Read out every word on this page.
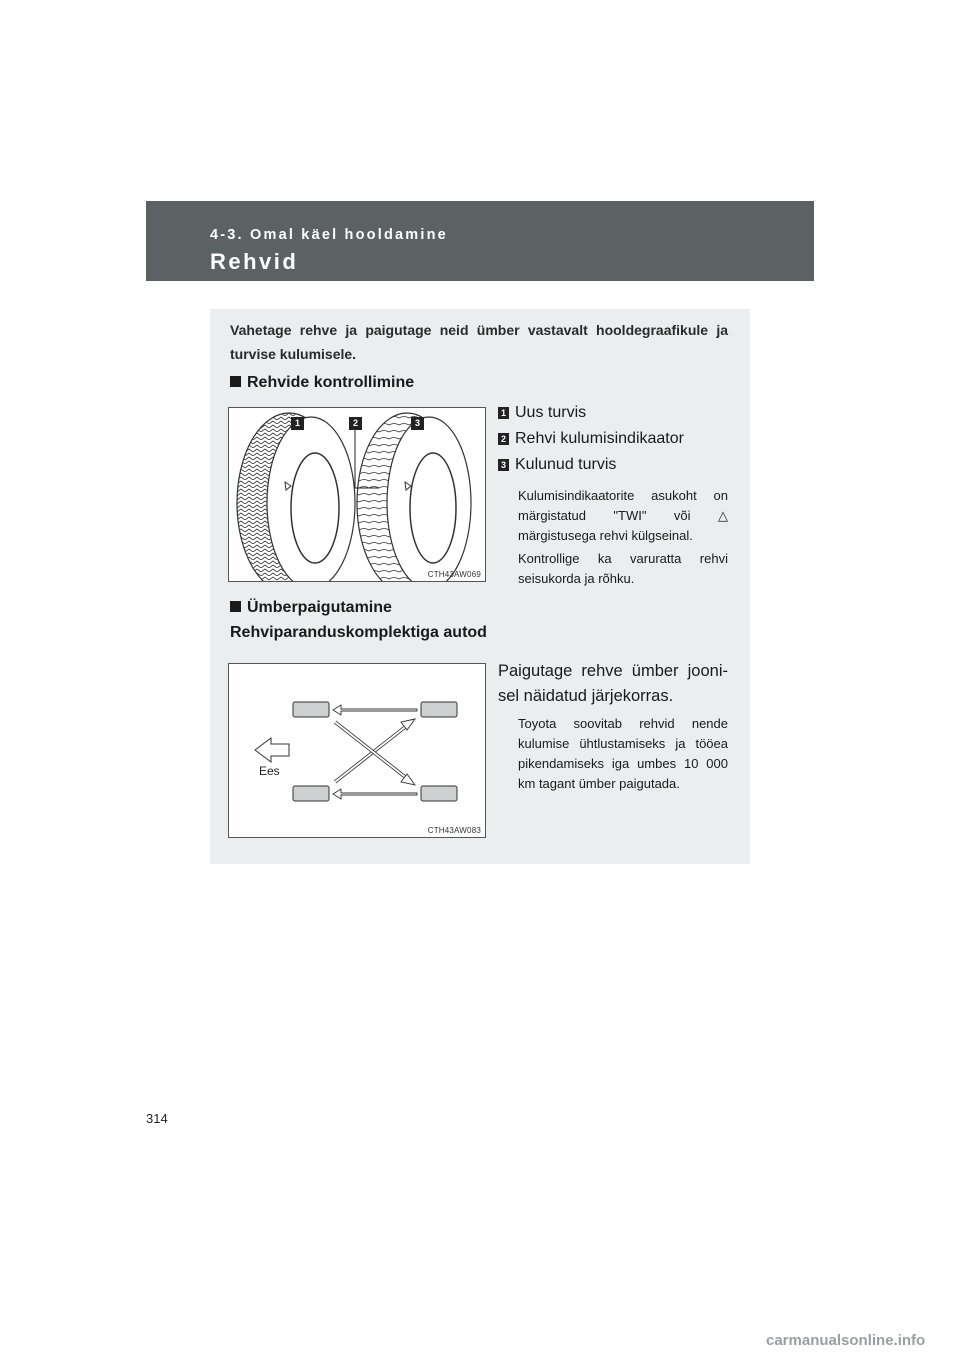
4-3. Omal käel hooldamine
Rehvid
Vahetage rehve ja paigutage neid ümber vastavalt hooldegraafikule ja turvise kulumisele.
Rehvide kontrollimine
1	2	3
CTH43AW069
1 Uus turvis
2 Rehvi kulumisindikaator
3 Kulunud turvis
Kulumisindikaatorite asukoht on märgistatud "TWI" või △ märgistusega rehvi külgseinal.
Kontrollige ka varuratta rehvi seisukorda ja rõhku.
Ümberpaigutamine
Rehviparanduskomplektiga autod
Ees
CTH43AW083
Paigutage rehve ümber jooni-sel näidatud järjekorras.
Toyota soovitab rehvid nende kulumise ühtlustamiseks ja tööea pikendamiseks iga umbes 10 000 km tagant ümber paigutada.
314
carmanualsonline.info
